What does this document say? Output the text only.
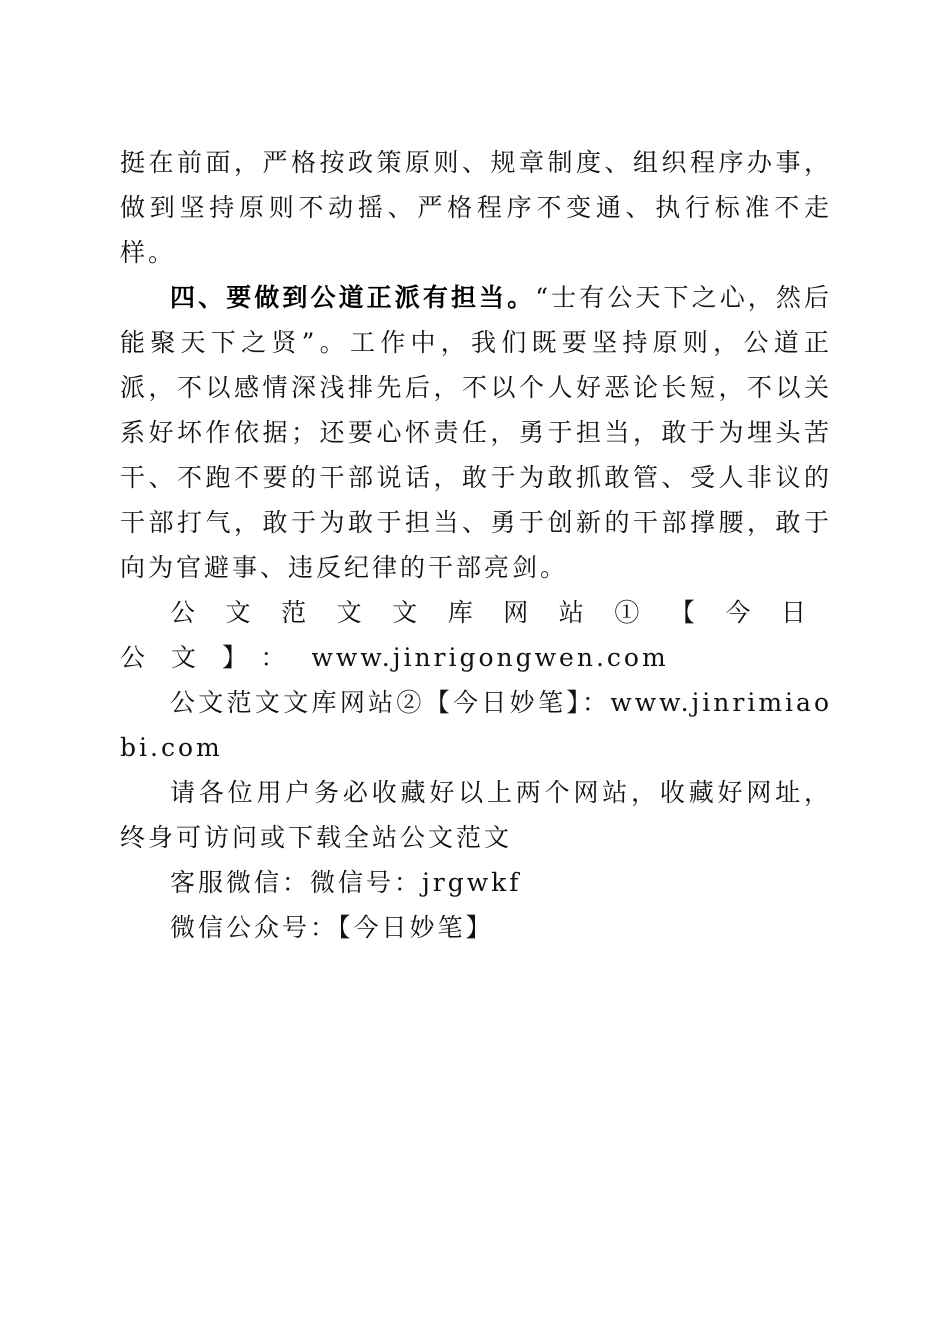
挺在前面，严格按政策原则、规章制度、组织程序办事，做到坚持原则不动摇、严格程序不变通、执行标准不走样。

四、要做到公道正派有担当。“士有公天下之心，然后能聚天下之贤”。工作中，我们既要坚持原则，公道正派，不以感情深浅排先后，不以个人好恶论长短，不以关系好坏作依据；还要心怀责任，勇于担当，敢于为埋头苦干、不跑不要的干部说话，敢于为敢抓敢管、受人非议的干部打气，敢于为敢于担当、勇于创新的干部撑腰，敢于向为官避事、违反纪律的干部亮剑。

公文范文文库网站①【今日公文】：www.jinrigongwen.com

公文范文文库网站②【今日妙笔】：www.jinrimiaobi.com

请各位用户务必收藏好以上两个网站，收藏好网址，终身可访问或下载全站公文范文

客服微信：微信号：jrgwkf

微信公众号：【今日妙笔】
